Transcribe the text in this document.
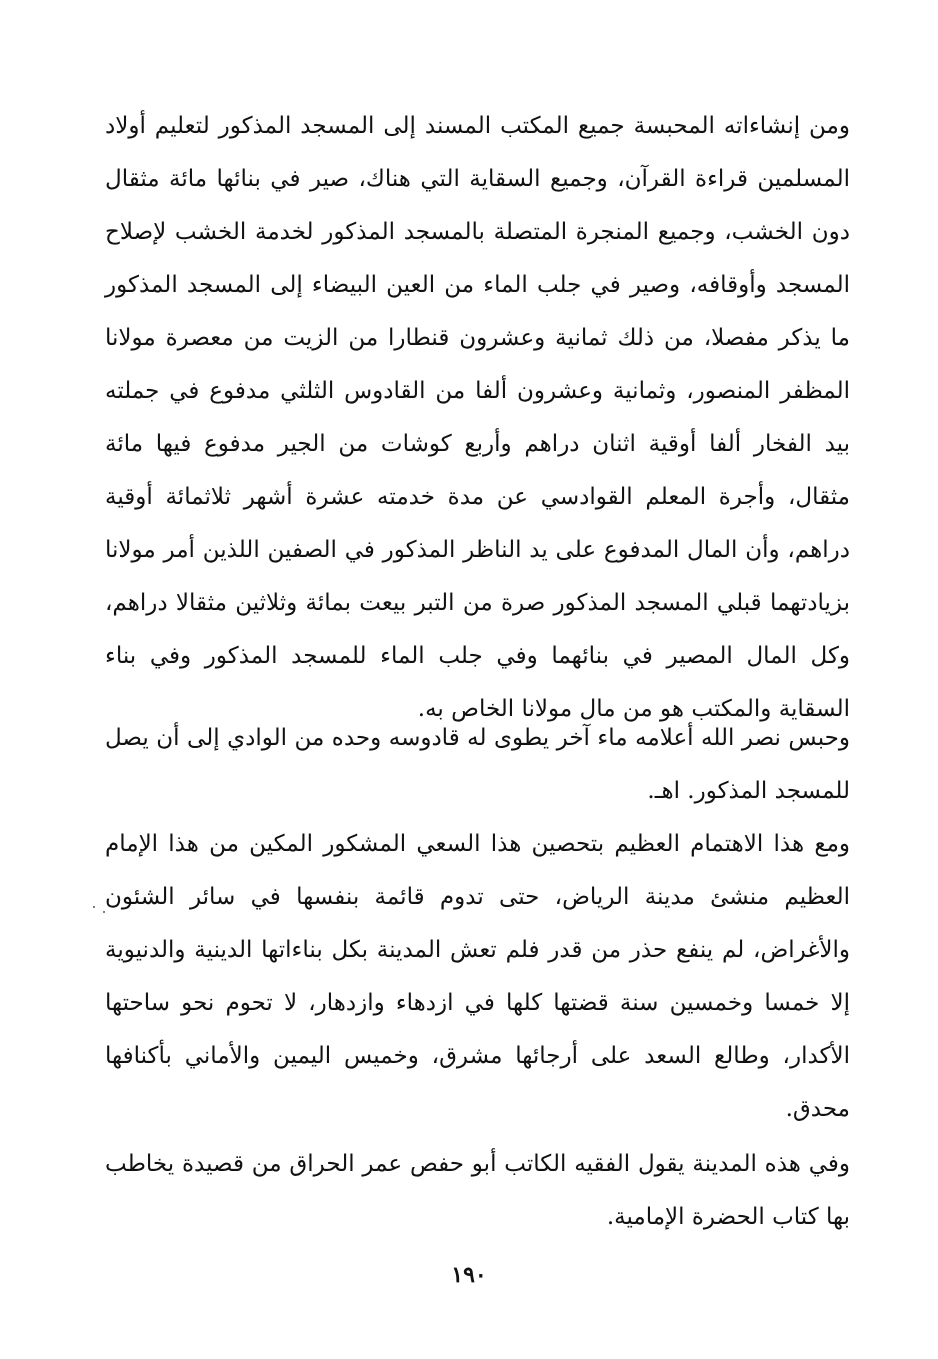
ومن إنشاءاته المحبسة جميع المكتب المسند إلى المسجد المذكور لتعليم أولاد المسلمين قراءة القرآن، وجميع السقاية التي هناك، صير في بنائها مائة مثقال دون الخشب، وجميع المنجرة المتصلة بالمسجد المذكور لخدمة الخشب لإصلاح المسجد وأوقافه، وصير في جلب الماء من العين البيضاء إلى المسجد المذكور ما يذكر مفصلا، من ذلك ثمانية وعشرون قنطارا من الزيت من معصرة مولانا المظفر المنصور، وثمانية وعشرون ألفا من القادوس الثلثي مدفوع في جملته بيد الفخار ألفا أوقية اثنان دراهم وأربع كوشات من الجير مدفوع فيها مائة مثقال، وأجرة المعلم القوادسي عن مدة خدمته عشرة أشهر ثلاثمائة أوقية دراهم، وأن المال المدفوع على يد الناظر المذكور في الصفين اللذين أمر مولانا بزيادتهما قبلي المسجد المذكور صرة من التبر بيعت بمائة وثلاثين مثقالا دراهم، وكل المال المصير في بنائهما وفي جلب الماء للمسجد المذكور وفي بناء السقاية والمكتب هو من مال مولانا الخاص به.

وحبس نصر الله أعلامه ماء آخر يطوى له قادوسه وحده من الوادي إلى أن يصل للمسجد المذكور. اهـ.

ومع هذا الاهتمام العظيم بتحصين هذا السعي المشكور المكين من هذا الإمام العظيم منشئ مدينة الرياض، حتى تدوم قائمة بنفسها في سائر الشئون والأغراض، لم ينفع حذر من قدر فلم تعش المدينة بكل بناءاتها الدينية والدنيوية إلا خمسا وخمسين سنة قضتها كلها في ازدهاء وازدهار، لا تحوم نحو ساحتها الأكدار، وطالع السعد على أرجائها مشرق، وخميس اليمين والأماني بأكنافها محدق.

وفي هذه المدينة يقول الفقيه الكاتب أبو حفص عمر الحراق من قصيدة يخاطب بها كتاب الحضرة الإمامية.

١٩٠
